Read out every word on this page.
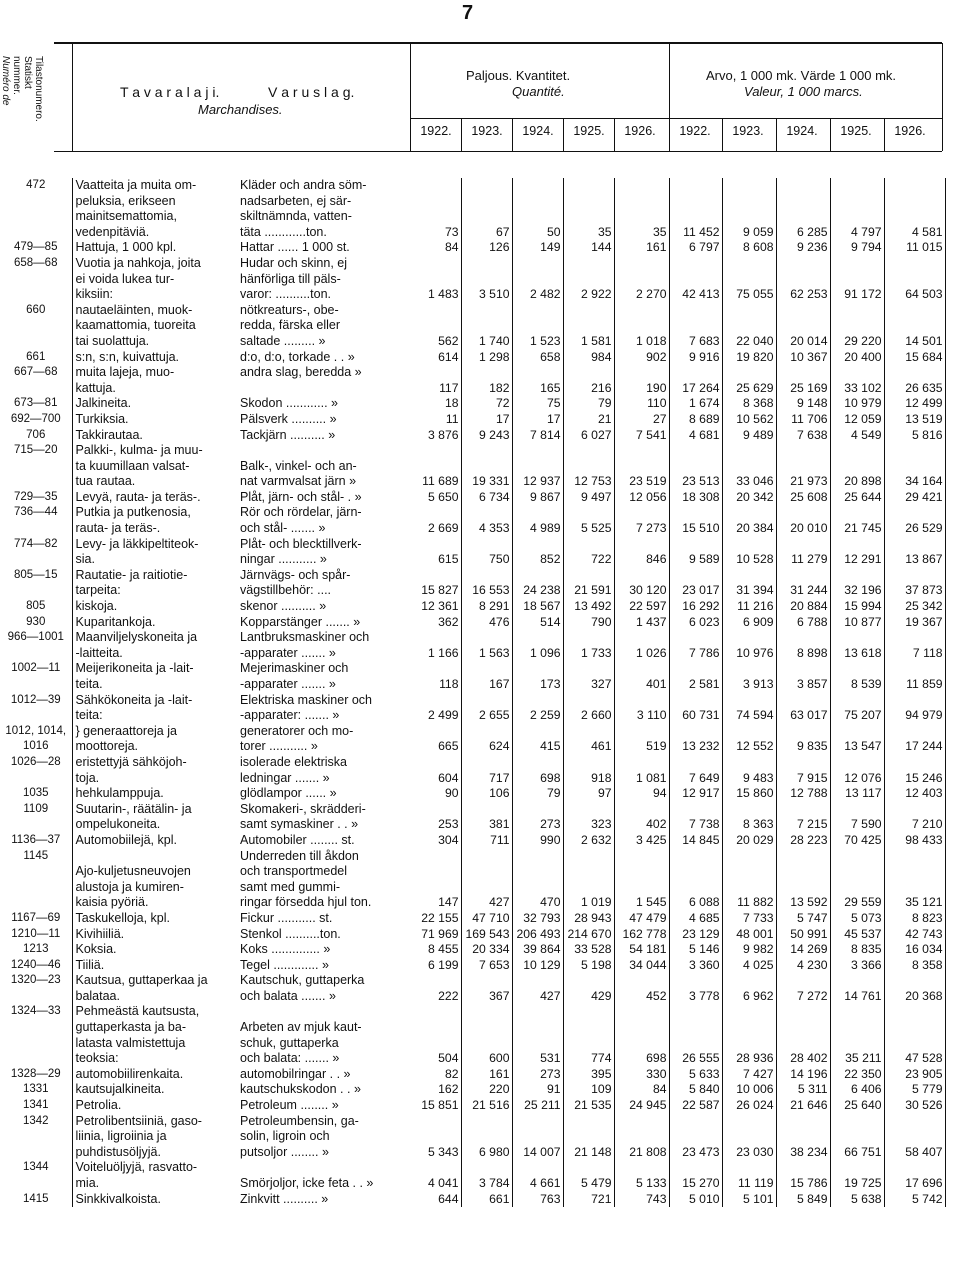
7
Tilastonumero.
Statiskt
nummer.
Numéro de	T a v a r a l a j i.	V a r u s l a g.
Marchandises.
Paljous. Kvantitet.
Quantité.
Arvo, 1 000 mk. Värde 1 000 mk.
Valeur, 1 000 marcs.
1922.	1923.	1924.	1925.	1926.	1922.	1923.	1924.	1925.	1926.
472	Vaatteita ja muita om-
peluksia, erikseen
mainitsemattomia,
vedenpitäviä.	Kläder och andra söm-
nadsarbeten, ej sär-
skiltnämnda, vatten-
täta ............ton.	73	67	50	35	35	11 452	9 059	6 285	4 797	4 581
479—85	Hattuja, 1 000 kpl.	Hattar ...... 1 000 st.	84	126	149	144	161	6 797	8 608	9 236	9 794	11 015
658—68	Vuotia ja nahkoja, joita
ei voida lukea tur-
kiksiin:	Hudar och skinn, ej
hänförliga till päls-
varor: ..........ton.	1 483	3 510	2 482	2 922	2 270	42 413	75 055	62 253	91 172	64 503
660	nautaeläinten, muok-
kaamattomia, tuoreita
tai suolattuja.	nötkreaturs-, obe-
redda, färska eller
saltade ......... »	562	1 740	1 523	1 581	1 018	7 683	22 040	20 014	29 220	14 501
661	s:n, s:n, kuivattuja.	d:o, d:o, torkade . . »	614	1 298	658	984	902	9 916	19 820	10 367	20 400	15 684
667—68	muita lajeja, muo-
kattuja.	andra slag, beredda »	117	182	165	216	190	17 264	25 629	25 169	33 102	26 635
673—81	Jalkineita.	Skodon ............ »	18	72	75	79	110	1 674	8 368	9 148	10 979	12 499
692—700	Turkiksia.	Pälsverk .......... »	11	17	17	21	27	8 689	10 562	11 706	12 059	13 519
706	Takkirautaa.	Tackjärn .......... »	3 876	9 243	7 814	6 027	7 541	4 681	9 489	7 638	4 549	5 816
715—20	Palkki-, kulma- ja muu-
ta kuumillaan valsat-
tua rautaa.	Balk-, vinkel- och an-
nat varmvalsat järn »	11 689	19 331	12 937	12 753	23 519	23 513	33 046	21 973	20 898	34 164
729—35	Levyä, rauta- ja teräs-.	Plåt, järn- och stål- . »	5 650	6 734	9 867	9 497	12 056	18 308	20 342	25 608	25 644	29 421
736—44	Putkia ja putkenosia,
rauta- ja teräs-.	Rör och rördelar, järn-
och stål- ....... »	2 669	4 353	4 989	5 525	7 273	15 510	20 384	20 010	21 745	26 529
774—82	Levy- ja läkkipeltiteok-
sia.	Plåt- och blecktillverk-
ningar ........... »	615	750	852	722	846	9 589	10 528	11 279	12 291	13 867
805—15	Rautatie- ja raitiotie-
tarpeita:	Järnvägs- och spår-
vägstillbehör: ....	15 827	16 553	24 238	21 591	30 120	23 017	31 394	31 244	32 196	37 873
805	kiskoja.	skenor .......... »	12 361	8 291	18 567	13 492	22 597	16 292	11 216	20 884	15 994	25 342
930	Kuparitankoja.	Kopparstänger ....... »	362	476	514	790	1 437	6 023	6 909	6 788	10 877	19 367
966—1001	Maanviljelyskoneita ja
-laitteita.	Lantbruksmaskiner och
-apparater ....... »	1 166	1 563	1 096	1 733	1 026	7 786	10 976	8 898	13 618	7 118
1002—11	Meijerikoneita ja -lait-
teita.	Mejerimaskiner och
-apparater ....... »	118	167	173	327	401	2 581	3 913	3 857	8 539	11 859
1012—39	Sähkökoneita ja -lait-
teita:	Elektriska maskiner och
-apparater: ....... »	2 499	2 655	2 259	2 660	3 110	60 731	74 594	63 017	75 207	94 979
1012, 1014, 1016	} generaattoreja ja
moottoreja.	generatorer och mo-
torer ........... »	665	624	415	461	519	13 232	12 552	9 835	13 547	17 244
1026—28	eristettyjä sähköjoh-
toja.	isolerade elektriska
ledningar ....... »	604	717	698	918	1 081	7 649	9 483	7 915	12 076	15 246
1035	hehkulamppuja.	glödlampor ...... »	90	106	79	97	94	12 917	15 860	12 788	13 117	12 403
1109	Suutarin-, räätälin- ja
ompelukoneita.	Skomakeri-, skrädderi-
samt symaskiner . . »	253	381	273	323	402	7 738	8 363	7 215	7 590	7 210
1136—37	Automobiilejä, kpl.	Automobiler ........ st.	304	711	990	2 632	3 425	14 845	20 029	28 223	70 425	98 433
1145	Ajo-kuljetusneuvojen
alustoja ja kumiren-
kaisia pyöriä.	Underreden till åkdon
och transportmedel
samt med gummi-
ringar försedda hjul ton.	147	427	470	1 019	1 545	6 088	11 882	13 592	29 559	35 121
1167—69	Taskukelloja, kpl.	Fickur ........... st.	22 155	47 710	32 793	28 943	47 479	4 685	7 733	5 747	5 073	8 823
1210—11	Kivihiiliä.	Stenkol ..........ton.	71 969	169 543	206 493	214 670	162 778	23 129	48 001	50 991	45 537	42 743
1213	Koksia.	Koks .............. »	8 455	20 334	39 864	33 528	54 181	5 146	9 982	14 269	8 835	16 034
1240—46	Tiiliä.	Tegel ............. »	6 199	7 653	10 129	5 198	34 044	3 360	4 025	4 230	3 366	8 358
1320—23	Kautsua, guttaperkaa ja
balataa.	Kautschuk, guttaperka
och balata ....... »	222	367	427	429	452	3 778	6 962	7 272	14 761	20 368
1324—33	Pehmeästä kautsusta,
guttaperkasta ja ba-
latasta valmistettuja
teoksia:	Arbeten av mjuk kaut-
schuk, guttaperka
och balata: ....... »	504	600	531	774	698	26 555	28 936	28 402	35 211	47 528
1328—29	automobiilirenkaita.	automobilringar . . »	82	161	273	395	330	5 633	7 427	14 196	22 350	23 905
1331	kautsujalkineita.	kautschukskodon . . »	162	220	91	109	84	5 840	10 006	5 311	6 406	5 779
1341	Petrolia.	Petroleum ........ »	15 851	21 516	25 211	21 535	24 945	22 587	26 024	21 646	25 640	30 526
1342	Petrolibentsiiniä, gaso-
liinia, ligroiinia ja
puhdistusöljyjä.	Petroleumbensin, ga-
solin, ligroin och
putsoljor ........ »	5 343	6 980	14 007	21 148	21 808	23 473	23 030	38 234	66 751	58 407
1344	Voiteluöljyjä, rasvatto-
mia.	Smörjoljor, icke feta . . »	4 041	3 784	4 661	5 479	5 133	15 270	11 119	15 786	19 725	17 696
1415	Sinkkivalkoista.	Zinkvitt .......... »	644	661	763	721	743	5 010	5 101	5 849	5 638	5 742
